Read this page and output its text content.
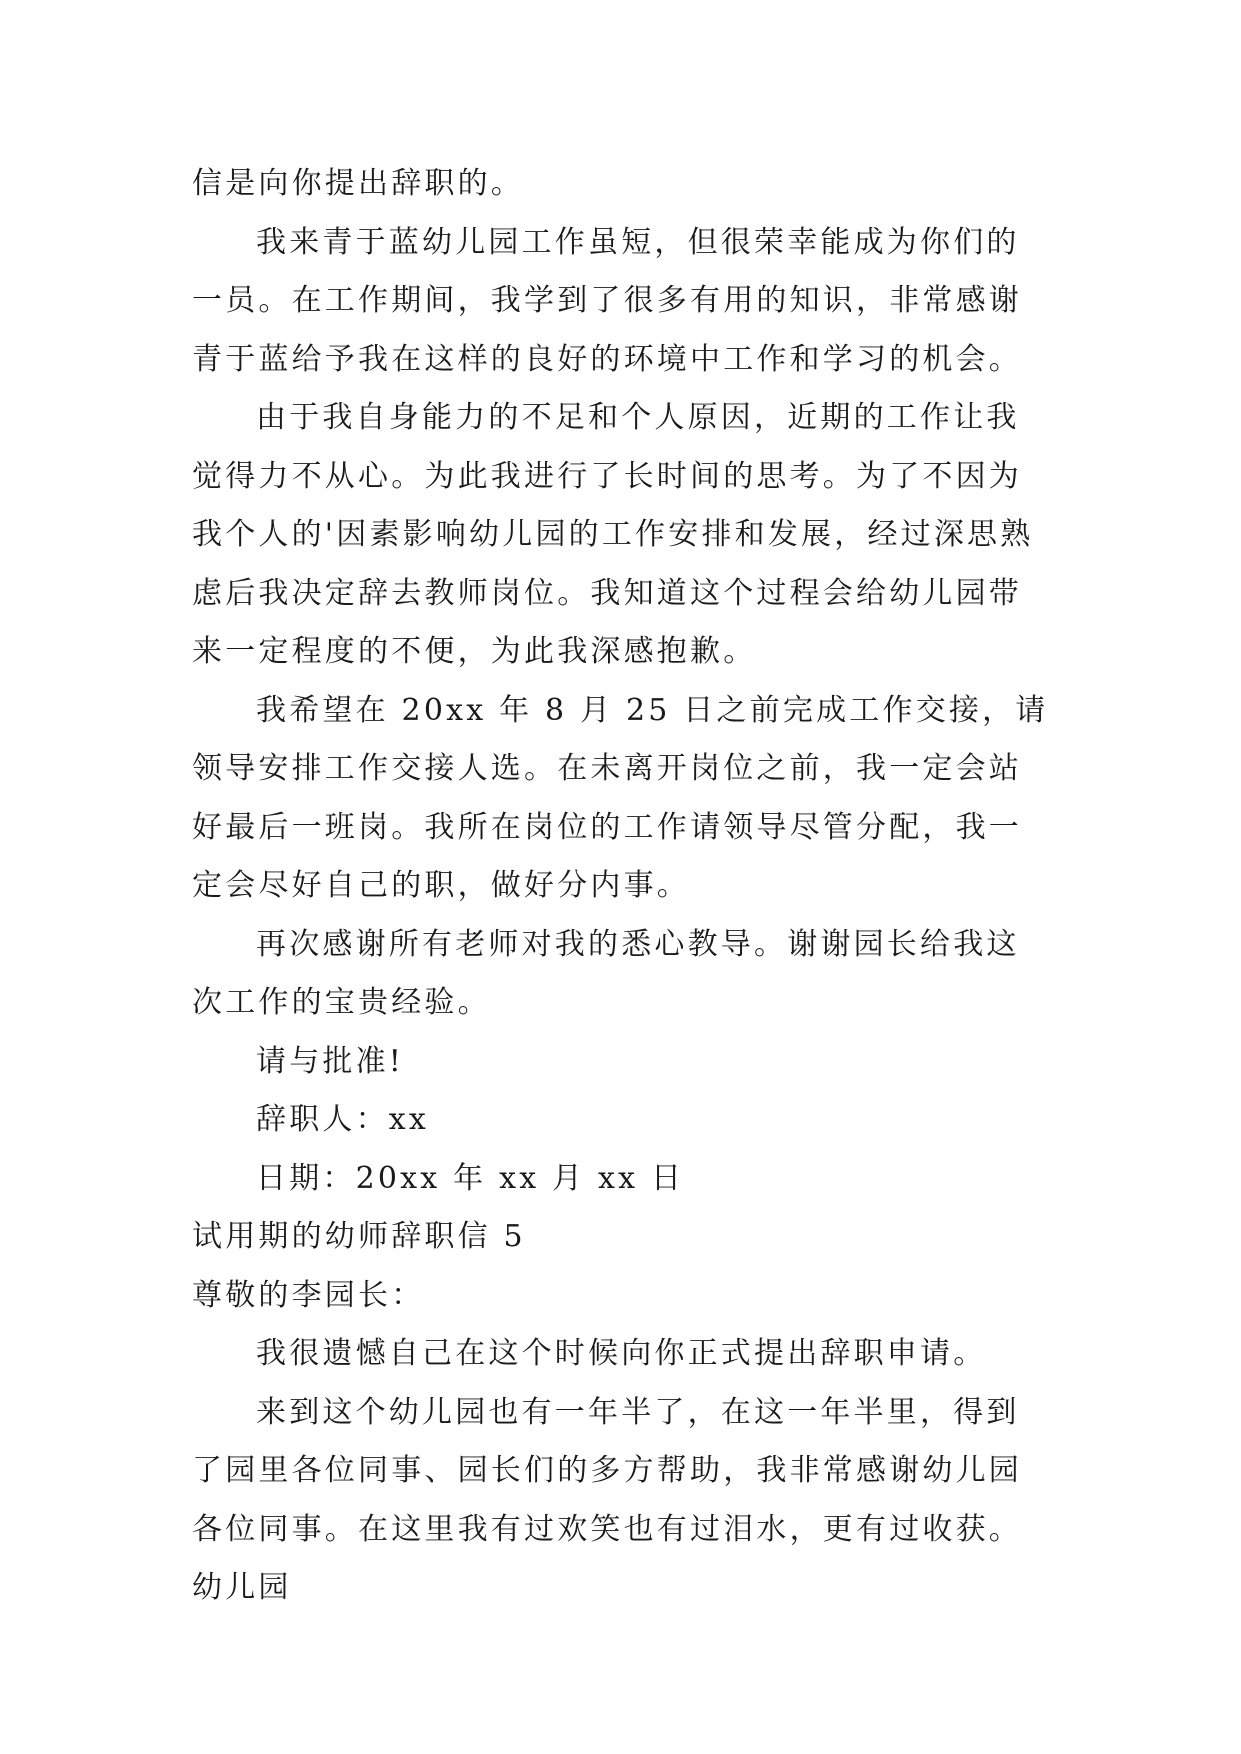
信是向你提出辞职的。

我来青于蓝幼儿园工作虽短，但很荣幸能成为你们的一员。在工作期间，我学到了很多有用的知识，非常感谢青于蓝给予我在这样的良好的环境中工作和学习的机会。

由于我自身能力的不足和个人原因，近期的工作让我觉得力不从心。为此我进行了长时间的思考。为了不因为我个人的'因素影响幼儿园的工作安排和发展，经过深思熟虑后我决定辞去教师岗位。我知道这个过程会给幼儿园带来一定程度的不便，为此我深感抱歉。

我希望在 20xx 年 8 月 25 日之前完成工作交接，请领导安排工作交接人选。在未离开岗位之前，我一定会站好最后一班岗。我所在岗位的工作请领导尽管分配，我一定会尽好自己的职，做好分内事。

再次感谢所有老师对我的悉心教导。谢谢园长给我这次工作的宝贵经验。

请与批准!

辞职人：xx

日期：20xx 年 xx 月 xx 日

试用期的幼师辞职信 5

尊敬的李园长：

我很遗憾自己在这个时候向你正式提出辞职申请。

来到这个幼儿园也有一年半了，在这一年半里，得到了园里各位同事、园长们的多方帮助，我非常感谢幼儿园各位同事。在这里我有过欢笑也有过泪水，更有过收获。幼儿园
